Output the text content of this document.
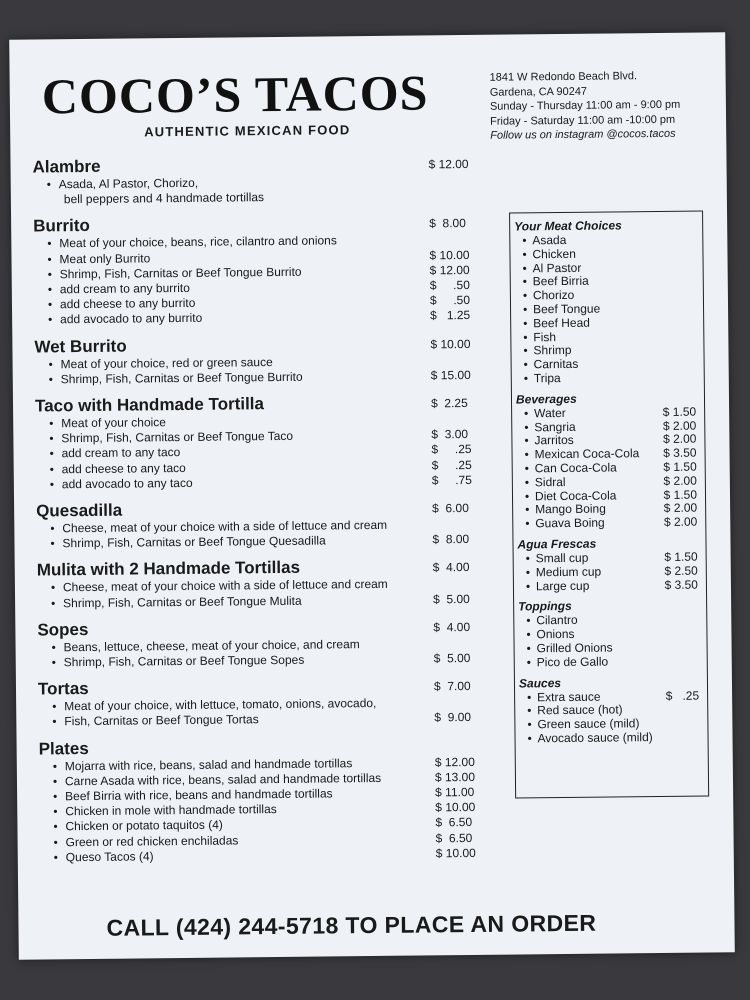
COCO’S TACOS
AUTHENTIC MEXICAN FOOD
1841 W Redondo Beach Blvd.
Gardena, CA 90247
Sunday - Thursday 11:00 am - 9:00 pm
Friday - Saturday 11:00 am -10:00 pm
Follow us on instagram @cocos.tacos
Alambre	$ 12.00
• Asada, Al Pastor, Chorizo,
bell peppers and 4 handmade tortillas
Burrito	$  8.00
• Meat of your choice, beans, rice, cilantro and onions
• Meat only Burrito	$ 10.00
• Shrimp, Fish, Carnitas or Beef Tongue Burrito	$ 12.00
• add cream to any burrito	$     .50
• add cheese to any burrito	$     .50
• add avocado to any burrito	$   1.25
Wet Burrito	$ 10.00
• Meat of your choice, red or green sauce
• Shrimp, Fish, Carnitas or Beef Tongue Burrito	$ 15.00
Taco with Handmade Tortilla	$  2.25
• Meat of your choice
• Shrimp, Fish, Carnitas or Beef Tongue Taco	$  3.00
• add cream to any taco	$     .25
• add cheese to any taco	$     .25
• add avocado to any taco	$     .75
Quesadilla	$  6.00
• Cheese, meat of your choice with a side of lettuce and cream
• Shrimp, Fish, Carnitas or Beef Tongue Quesadilla	$  8.00
Mulita with 2 Handmade Tortillas	$  4.00
• Cheese, meat of your choice with a side of lettuce and cream
• Shrimp, Fish, Carnitas or Beef Tongue Mulita	$  5.00
Sopes	$  4.00
• Beans, lettuce, cheese, meat of your choice, and cream
• Shrimp, Fish, Carnitas or Beef Tongue Sopes	$  5.00
Tortas	$  7.00
• Meat of your choice, with lettuce, tomato, onions, avocado,
• Fish, Carnitas or Beef Tongue Tortas	$  9.00
Plates
• Mojarra with rice, beans, salad and handmade tortillas	$ 12.00
• Carne Asada with rice, beans, salad and handmade tortillas	$ 13.00
• Beef Birria with rice, beans and handmade tortillas	$ 11.00
• Chicken in mole with handmade tortillas	$ 10.00
• Chicken or potato taquitos (4)	$  6.50
• Green or red chicken enchiladas	$  6.50
• Queso Tacos (4)	$ 10.00
Your Meat Choices
• Asada
• Chicken
• Al Pastor
• Beef Birria
• Chorizo
• Beef Tongue
• Beef Head
• Fish
• Shrimp
• Carnitas
• Tripa
Beverages
• Water	$ 1.50
• Sangria	$ 2.00
• Jarritos	$ 2.00
• Mexican Coca-Cola $ 3.50
• Can Coca-Cola	$ 1.50
• Sidral	$ 2.00
• Diet Coca-Cola	$ 1.50
• Mango Boing	$ 2.00
• Guava Boing	$ 2.00
Agua Frescas
• Small cup	$ 1.50
• Medium cup	$ 2.50
• Large cup	$ 3.50
Toppings
• Cilantro
• Onions
• Grilled Onions
• Pico de Gallo
Sauces
• Extra sauce	$   .25
• Red sauce (hot)
• Green sauce (mild)
• Avocado sauce (mild)
CALL (424) 244-5718 TO PLACE AN ORDER
